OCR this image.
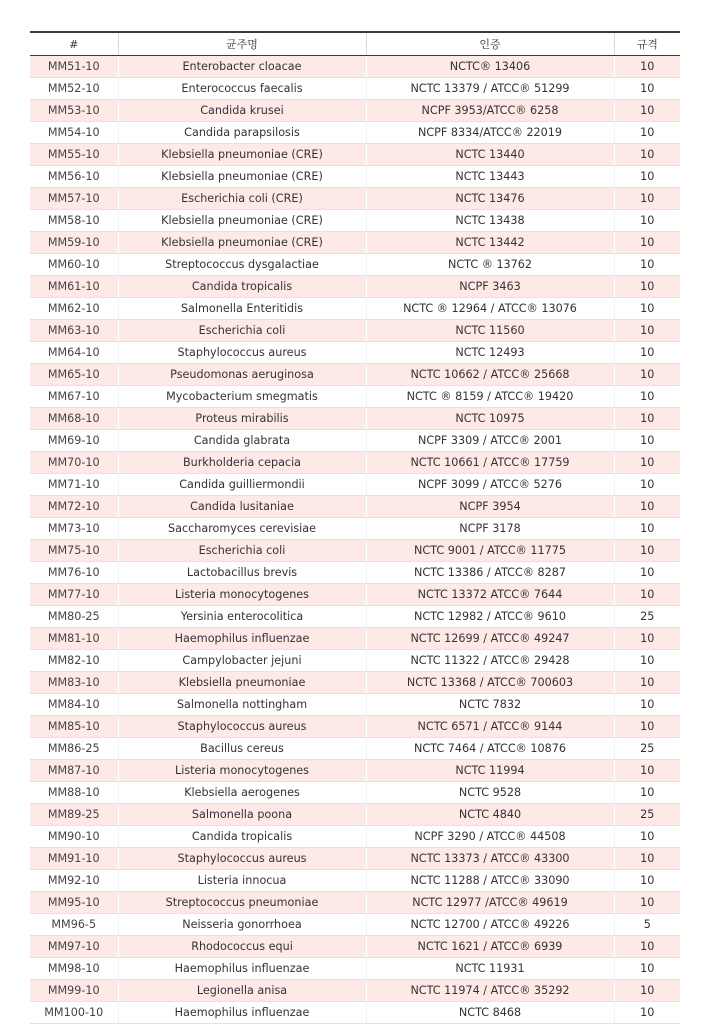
#	균주명	인증	규격
MM51-10	Enterobacter cloacae	NCTC® 13406	10
MM52-10	Enterococcus faecalis	NCTC 13379 / ATCC® 51299	10
MM53-10	Candida krusei	NCPF 3953/ATCC® 6258	10
MM54-10	Candida parapsilosis	NCPF 8334/ATCC® 22019	10
MM55-10	Klebsiella pneumoniae (CRE)	NCTC 13440	10
MM56-10	Klebsiella pneumoniae (CRE)	NCTC 13443	10
MM57-10	Escherichia coli (CRE)	NCTC 13476	10
MM58-10	Klebsiella pneumoniae (CRE)	NCTC 13438	10
MM59-10	Klebsiella pneumoniae (CRE)	NCTC 13442	10
MM60-10	Streptococcus dysgalactiae	NCTC ® 13762	10
MM61-10	Candida tropicalis	NCPF 3463	10
MM62-10	Salmonella Enteritidis	NCTC ® 12964 / ATCC® 13076	10
MM63-10	Escherichia coli	NCTC 11560	10
MM64-10	Staphylococcus aureus	NCTC 12493	10
MM65-10	Pseudomonas aeruginosa	NCTC 10662 / ATCC® 25668	10
MM67-10	Mycobacterium smegmatis	NCTC ® 8159 / ATCC® 19420	10
MM68-10	Proteus mirabilis	NCTC 10975	10
MM69-10	Candida glabrata	NCPF 3309 / ATCC® 2001	10
MM70-10	Burkholderia cepacia	NCTC 10661 / ATCC® 17759	10
MM71-10	Candida guilliermondii	NCPF 3099 / ATCC® 5276	10
MM72-10	Candida lusitaniae	NCPF 3954	10
MM73-10	Saccharomyces cerevisiae	NCPF 3178	10
MM75-10	Escherichia coli	NCTC 9001 / ATCC® 11775	10
MM76-10	Lactobacillus brevis	NCTC 13386 / ATCC® 8287	10
MM77-10	Listeria monocytogenes	NCTC 13372 ATCC® 7644	10
MM80-25	Yersinia enterocolitica	NCTC 12982 / ATCC® 9610	25
MM81-10	Haemophilus influenzae	NCTC 12699 / ATCC® 49247	10
MM82-10	Campylobacter jejuni	NCTC 11322 / ATCC® 29428	10
MM83-10	Klebsiella pneumoniae	NCTC 13368 / ATCC® 700603	10
MM84-10	Salmonella nottingham	NCTC 7832	10
MM85-10	Staphylococcus aureus	NCTC 6571 / ATCC® 9144	10
MM86-25	Bacillus cereus	NCTC 7464 / ATCC® 10876	25
MM87-10	Listeria monocytogenes	NCTC 11994	10
MM88-10	Klebsiella aerogenes	NCTC 9528	10
MM89-25	Salmonella poona	NCTC 4840	25
MM90-10	Candida tropicalis	NCPF 3290 / ATCC® 44508	10
MM91-10	Staphylococcus aureus	NCTC 13373 / ATCC® 43300	10
MM92-10	Listeria innocua	NCTC 11288 / ATCC® 33090	10
MM95-10	Streptococcus pneumoniae	NCTC 12977 /ATCC® 49619	10
MM96-5	Neisseria gonorrhoea	NCTC 12700 / ATCC® 49226	5
MM97-10	Rhodococcus equi	NCTC 1621 / ATCC® 6939	10
MM98-10	Haemophilus influenzae	NCTC 11931	10
MM99-10	Legionella anisa	NCTC 11974 / ATCC® 35292	10
MM100-10	Haemophilus influenzae	NCTC 8468	10
